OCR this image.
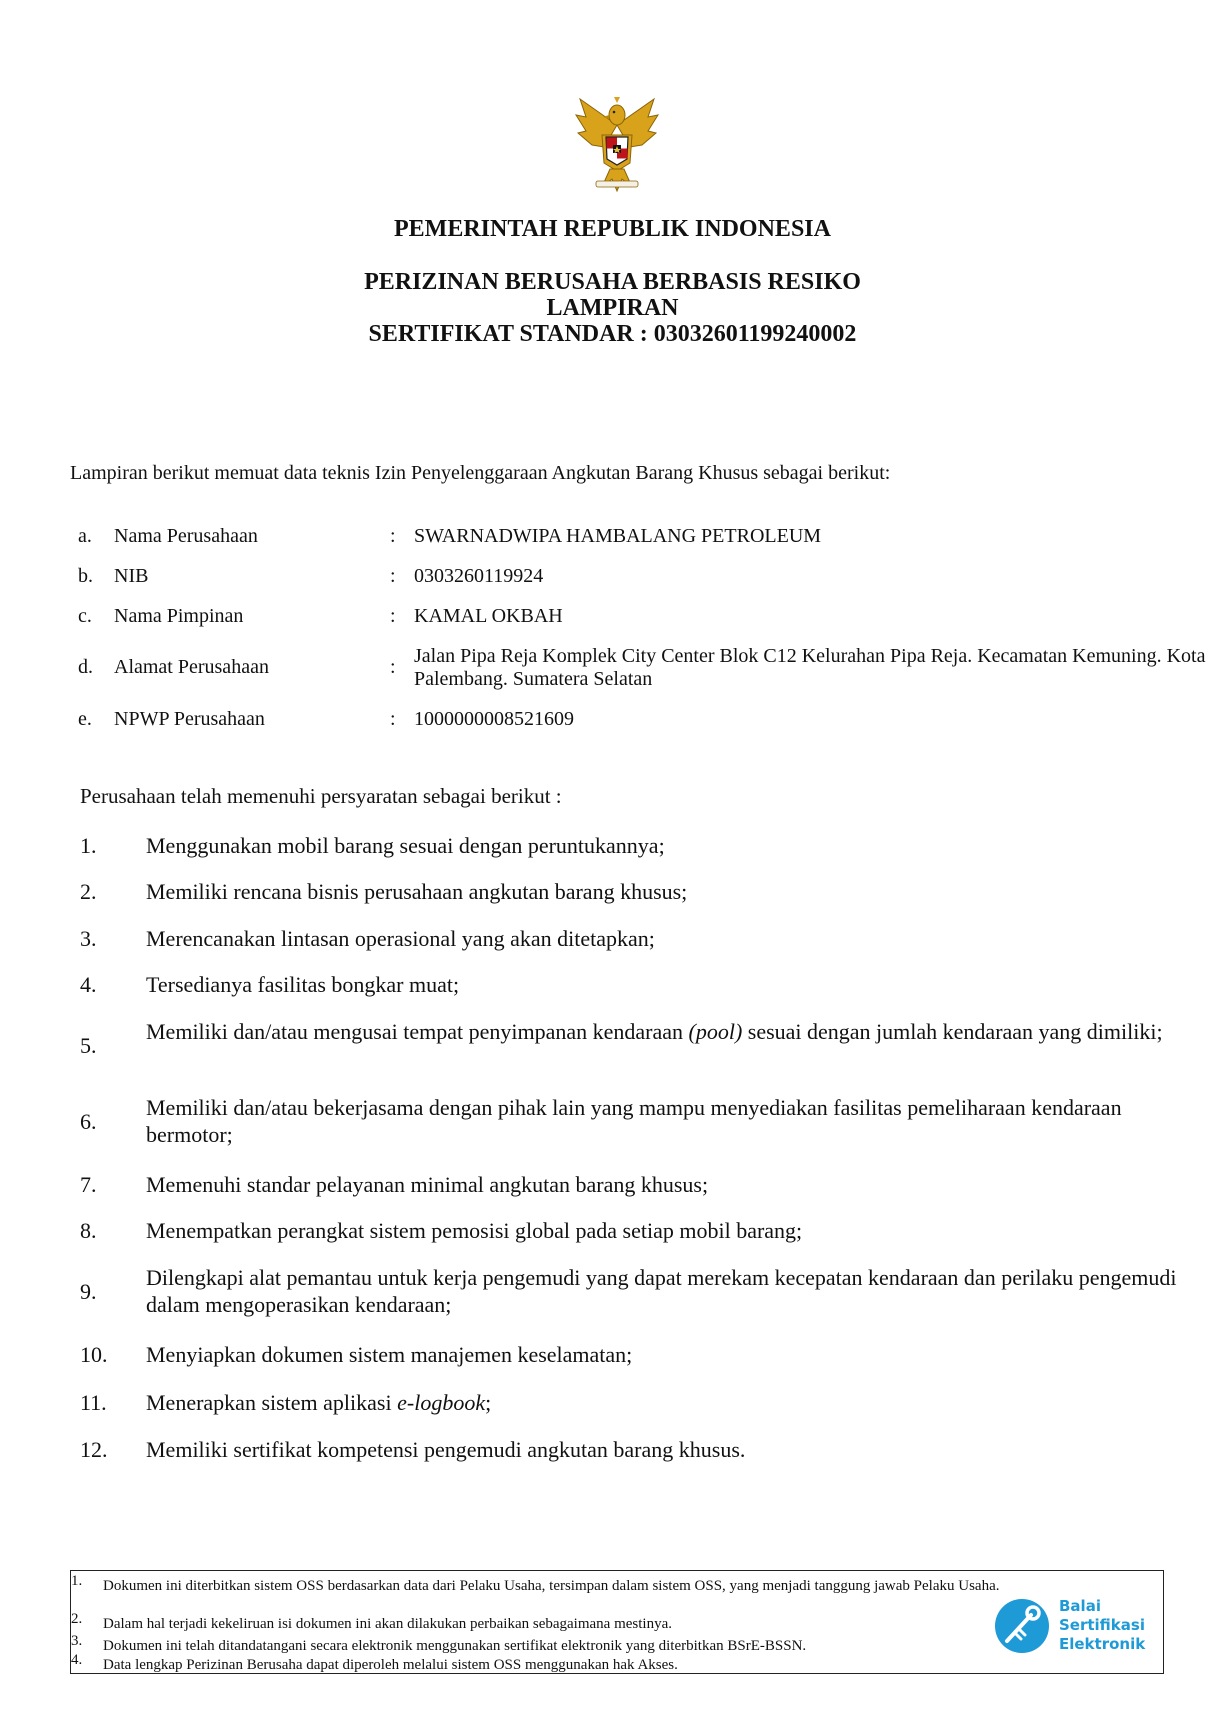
PEMERINTAH REPUBLIK INDONESIA
PERIZINAN BERUSAHA BERBASIS RESIKO
LAMPIRAN
SERTIFIKAT STANDAR : 03032601199240002
Lampiran berikut memuat data teknis Izin Penyelenggaraan Angkutan Barang Khusus sebagai berikut:
a.	Nama Perusahaan	: SWARNADWIPA HAMBALANG PETROLEUM
b.	NIB	: 0303260119924
c.	Nama Pimpinan	: KAMAL OKBAH
d.	Alamat Perusahaan	: Jalan Pipa Reja Komplek City Center Blok C12 Kelurahan Pipa Reja. Kecamatan Kemuning. Kota Palembang. Sumatera Selatan
e.	NPWP Perusahaan	: 1000000008521609
Perusahaan telah memenuhi persyaratan sebagai berikut :
1.	Menggunakan mobil barang sesuai dengan peruntukannya;
2.	Memiliki rencana bisnis perusahaan angkutan barang khusus;
3.	Merencanakan lintasan operasional yang akan ditetapkan;
4.	Tersedianya fasilitas bongkar muat;
5.
Memiliki dan/atau mengusai tempat penyimpanan kendaraan (pool) sesuai dengan jumlah kendaraan yang dimiliki;
6.
Memiliki dan/atau bekerjasama dengan pihak lain yang mampu menyediakan fasilitas pemeliharaan kendaraan bermotor;
7.	Memenuhi standar pelayanan minimal angkutan barang khusus;
8.	Menempatkan perangkat sistem pemosisi global pada setiap mobil barang;
9.
Dilengkapi alat pemantau untuk kerja pengemudi yang dapat merekam kecepatan kendaraan dan perilaku pengemudi dalam mengoperasikan kendaraan;
10.	Menyiapkan dokumen sistem manajemen keselamatan;
11.	Menerapkan sistem aplikasi e-logbook;
12.	Memiliki sertifikat kompetensi pengemudi angkutan barang khusus.
1. Dokumen ini diterbitkan sistem OSS berdasarkan data dari Pelaku Usaha, tersimpan dalam sistem OSS, yang menjadi tanggung jawab Pelaku Usaha.
2. Dalam hal terjadi kekeliruan isi dokumen ini akan dilakukan perbaikan sebagaimana mestinya.
3. Dokumen ini telah ditandatangani secara elektronik menggunakan sertifikat elektronik yang diterbitkan BSrE-BSSN.
4. Data lengkap Perizinan Berusaha dapat diperoleh melalui sistem OSS menggunakan hak Akses.
Balai
Sertifikasi
Elektronik
